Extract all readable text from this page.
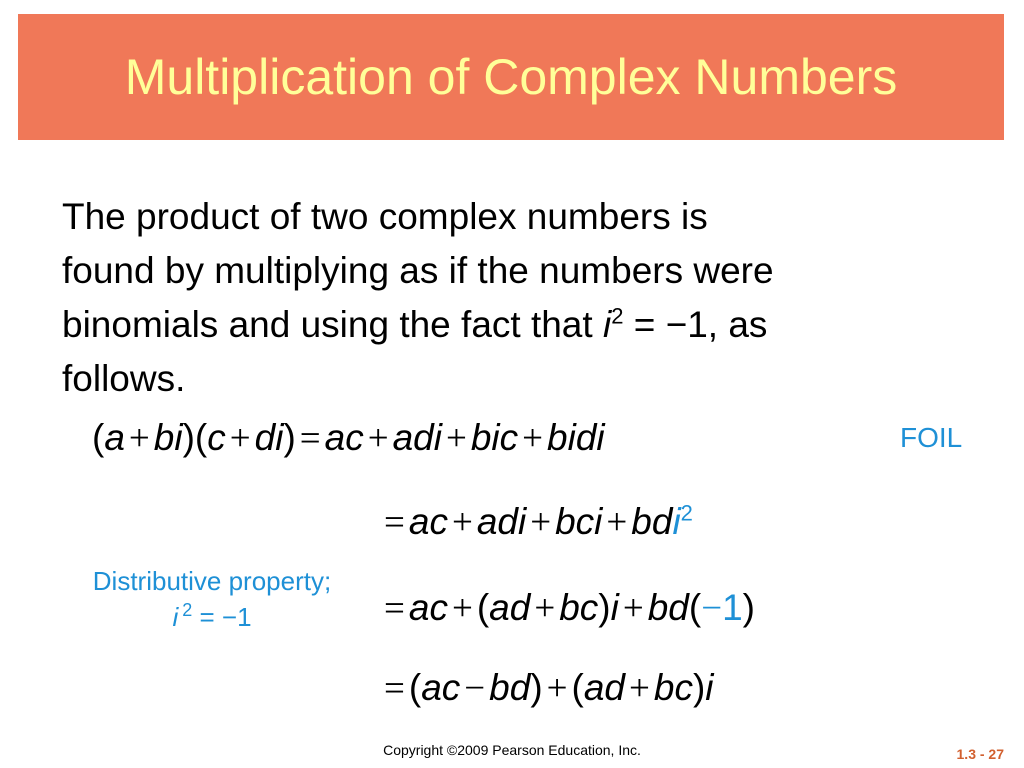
Multiplication of Complex Numbers
The product of two complex numbers is
found by multiplying as if the numbers were
binomials and using the fact that $i^2 = -1$, as
follows.
(a + bi)(c + di) = ac + adi + bic + bidi	FOIL
= ac + adi + bci + bdi$^2$
= ac + (ad + bc)i + bd(−1)
Distributive property;
i $^2$ = −1
= (ac − bd) + (ad + bc)i
Copyright ©2009 Pearson Education, Inc.	1.3 - 27
